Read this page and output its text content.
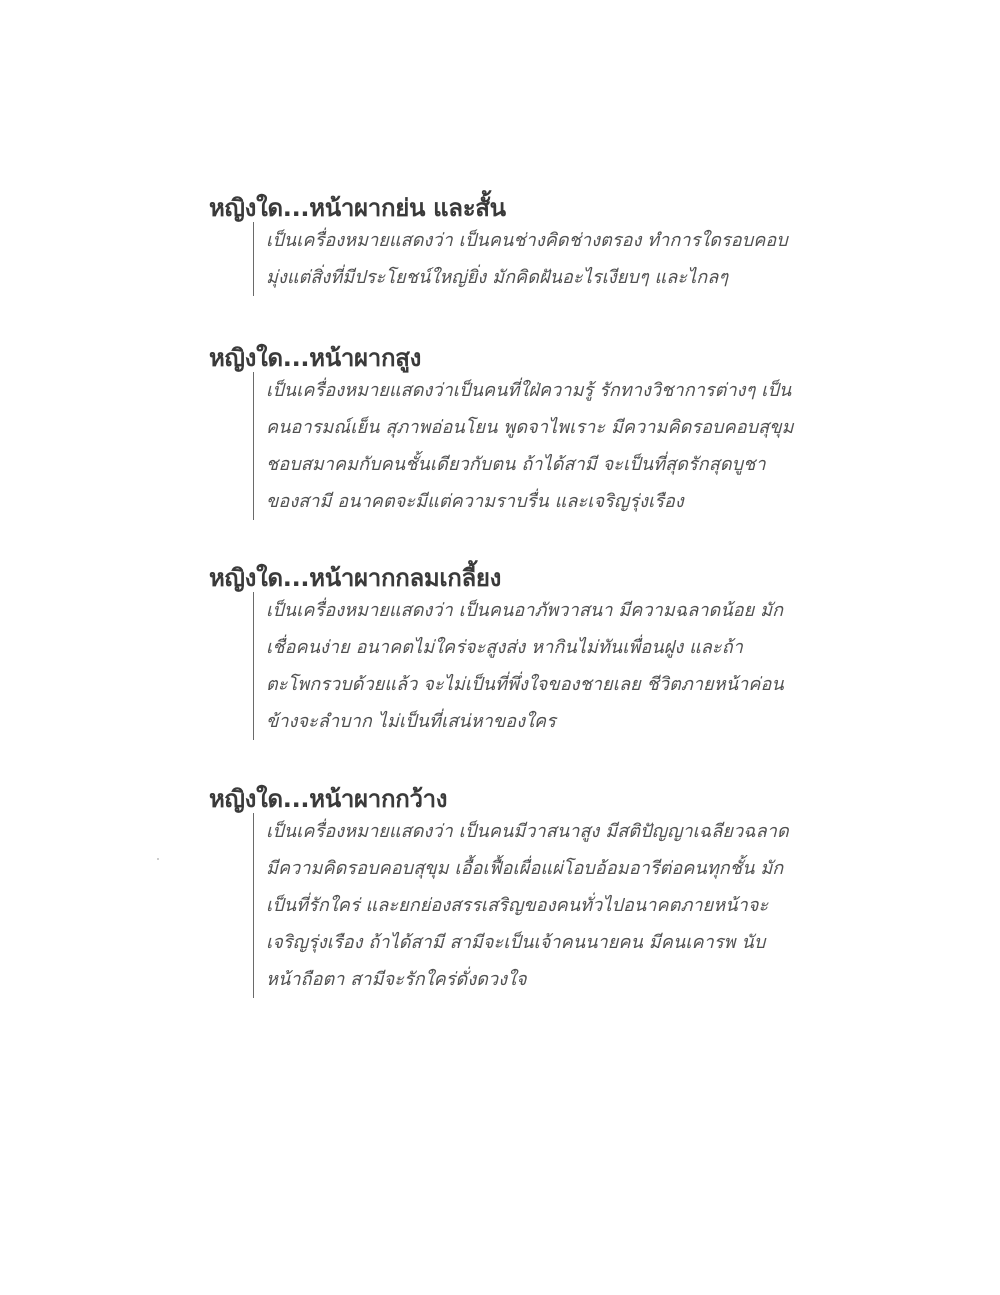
หญิงใด...หน้าผากย่น และสั้น
เป็นเครื่องหมายแสดงว่า เป็นคนช่างคิดช่างตรอง ทำการใดรอบคอบ
มุ่งแต่สิ่งที่มีประโยชน์ใหญ่ยิ่ง มักคิดฝันอะไรเงียบๆ และไกลๆ
หญิงใด...หน้าผากสูง
เป็นเครื่องหมายแสดงว่าเป็นคนที่ใฝ่ความรู้ รักทางวิชาการต่างๆ เป็น
คนอารมณ์เย็น สุภาพอ่อนโยน พูดจาไพเราะ มีความคิดรอบคอบสุขุม
ชอบสมาคมกับคนชั้นเดียวกับตน ถ้าได้สามี จะเป็นที่สุดรักสุดบูชา
ของสามี อนาคตจะมีแต่ความราบรื่น และเจริญรุ่งเรือง
หญิงใด...หน้าผากกลมเกลี้ยง
เป็นเครื่องหมายแสดงว่า เป็นคนอาภัพวาสนา มีความฉลาดน้อย มัก
เชื่อคนง่าย อนาคตไม่ใคร่จะสูงส่ง หากินไม่ทันเพื่อนฝูง และถ้า
ตะโพกรวบด้วยแล้ว จะไม่เป็นที่พึ่งใจของชายเลย ชีวิตภายหน้าค่อน
ข้างจะลำบาก ไม่เป็นที่เสน่หาของใคร
หญิงใด...หน้าผากกว้าง
เป็นเครื่องหมายแสดงว่า เป็นคนมีวาสนาสูง มีสติปัญญาเฉลียวฉลาด
มีความคิดรอบคอบสุขุม เอื้อเฟื้อเผื่อแผ่โอบอ้อมอารีต่อคนทุกชั้น มัก
เป็นที่รักใคร่ และยกย่องสรรเสริญของคนทั่วไปอนาคตภายหน้าจะ
เจริญรุ่งเรือง ถ้าได้สามี สามีจะเป็นเจ้าคนนายคน มีคนเคารพ นับ
หน้าถือตา สามีจะรักใคร่ดั่งดวงใจ
